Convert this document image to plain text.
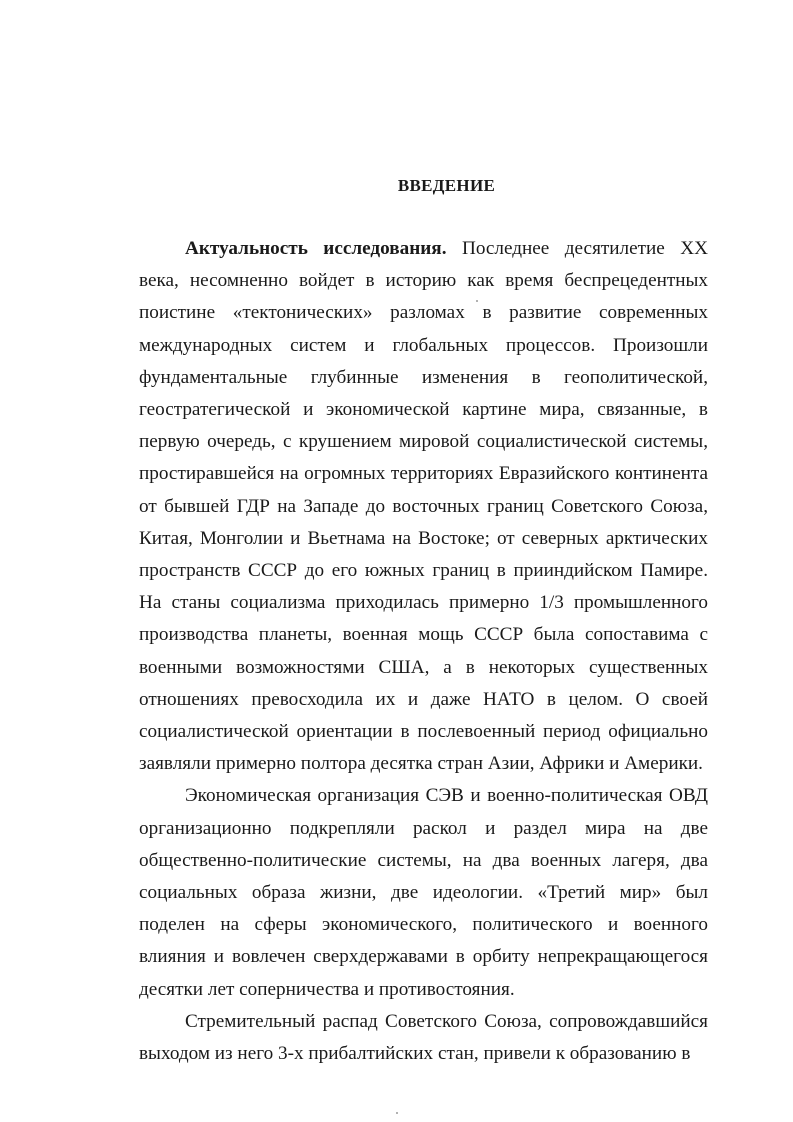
ВВЕДЕНИЕ

Актуальность исследования. Последнее десятилетие XX века, несомненно войдет в историю как время беспрецедентных поистине «тектонических» разломах в развитие современных международных систем и глобальных процессов. Произошли фундаментальные глубинные изменения в геополитической, геостратегической и экономической картине мира, связанные, в первую очередь, с крушением мировой социалистической системы, простиравшейся на огромных территориях Евразийского континента от бывшей ГДР на Западе до восточных границ Советского Союза, Китая, Монголии и Вьетнама на Востоке; от северных арктических пространств СССР до его южных границ в прииндийском Памире. На станы социализма приходилась примерно 1/3 промышленного производства планеты, военная мощь СССР была сопоставима с военными возможностями США, а в некоторых существенных отношениях превосходила их и даже НАТО в целом. О своей социалистической ориентации в послевоенный период официально заявляли примерно полтора десятка стран Азии, Африки и Америки.

Экономическая организация СЭВ и военно-политическая ОВД организационно подкрепляли раскол и раздел мира на две общественно-политические системы, на два военных лагеря, два социальных образа жизни, две идеологии. «Третий мир» был поделен на сферы экономического, политического и военного влияния и вовлечен сверхдержавами в орбиту непрекращающегося десятки лет соперничества и противостояния.

Стремительный распад Советского Союза, сопровождавшийся выходом из него 3-х прибалтийских стан, привели к образованию в
